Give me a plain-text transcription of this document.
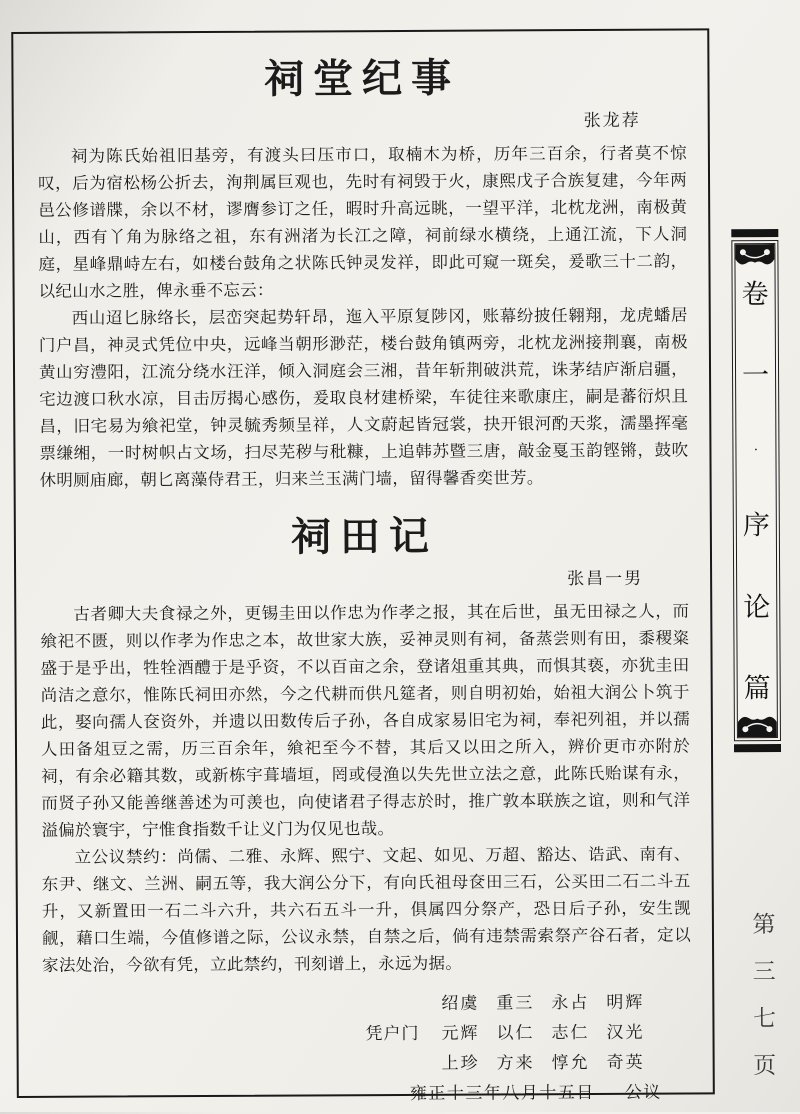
祠堂纪事
张龙荐

祠为陈氏始祖旧基旁，有渡头曰压市口，取楠木为桥，历年三百余，行者莫不惊叹，后为宿松杨公折去，洵荆属巨观也，先时有祠毁于火，康熙戊子合族复建，今年两邑公修谱牒，余以不材，谬膺参订之任，暇时升高远眺，一望平洋，北枕龙洲，南极黄山，西有丫角为脉络之祖，东有洲渚为长江之障，祠前绿水横绕，上通江流，下人洞庭，星峰鼎峙左右，如楼台鼓角之状陈氏钟灵发祥，即此可窥一斑矣，爰歌三十二韵，以纪山水之胜，俾永垂不忘云：

西山迢匕脉络长，层峦突起势轩昂，迤入平原复陟冈，账幕纷披任翱翔，龙虎蟠居门户昌，神灵式凭位中央，远峰当朝形渺茫，楼台鼓角镇两旁，北枕龙洲接荆襄，南极黄山穷澧阳，江流分绕水汪洋，倾入洞庭会三湘，昔年斩荆破洪荒，诛茅结庐渐启疆，宅边渡口秋水凉，目击厉揭心感伤，爰取良材建桥梁，车徒往来歌康庄，嗣是蕃衍炽且昌，旧宅易为飨祀堂，钟灵毓秀频呈祥，人文蔚起皆冠裳，抉开银河酌天浆，濡墨挥毫票缣缃，一时树帜占文场，扫尽芜秽与秕糠，上追韩苏暨三唐，敲金戛玉韵铿锵，鼓吹休明厕庙廊，朝匕离藻侍君王，归来兰玉满门墙，留得馨香奕世芳。

祠田记
张昌一男

古者卿大夫食禄之外，更锡圭田以作忠为作孝之报，其在后世，虽无田禄之人，而飨祀不匮，则以作孝为作忠之本，故世家大族，妥神灵则有祠，备蒸尝则有田，黍稷粢盛于是乎出，牲牷酒醴于是乎资，不以百亩之余，登诸俎重其典，而惧其亵，亦犹圭田尚洁之意尔，惟陈氏祠田亦然，今之代耕而供凡筵者，则自明初始，始祖大润公卜筑于此，娶向孺人奁资外，并遗以田数传后子孙，各自成家易旧宅为祠，奉祀列祖，并以孺人田备俎豆之需，历三百余年，飨祀至今不替，其后又以田之所入，辨价更市亦附於祠，有余必籍其数，或新栋宇葺墙垣，罔或侵渔以失先世立法之意，此陈氏贻谋有永，而贤子孙又能善继善述为可羡也，向使诸君子得志於时，推广敦本联族之谊，则和气洋溢偏於寰宇，宁惟食指数千让义门为仅见也哉。

立公议禁约：尚儒、二雅、永辉、熙宁、文起、如见、万超、豁达、诰武、南有、东尹、继文、兰洲、嗣五等，我大润公分下，有向氏祖母奁田三石，公买田二石二斗五升，又新置田一石二斗六升，共六石五斗一升，俱属四分祭产，恐日后子孙，安生觊觎，藉口生端，今值修谱之际，公议永禁，自禁之后，倘有违禁需索祭产谷石者，定以家法处治，今欲有凭，立此禁约，刊刻谱上，永远为据。

绍虞 重三 永占 明辉
凭户门	元辉 以仁 志仁 汉光
上珍 方来 惇允 奇英
雍正十三年八月十五日 公议
卷
一
·
序
论
篇
第
三
七
页
